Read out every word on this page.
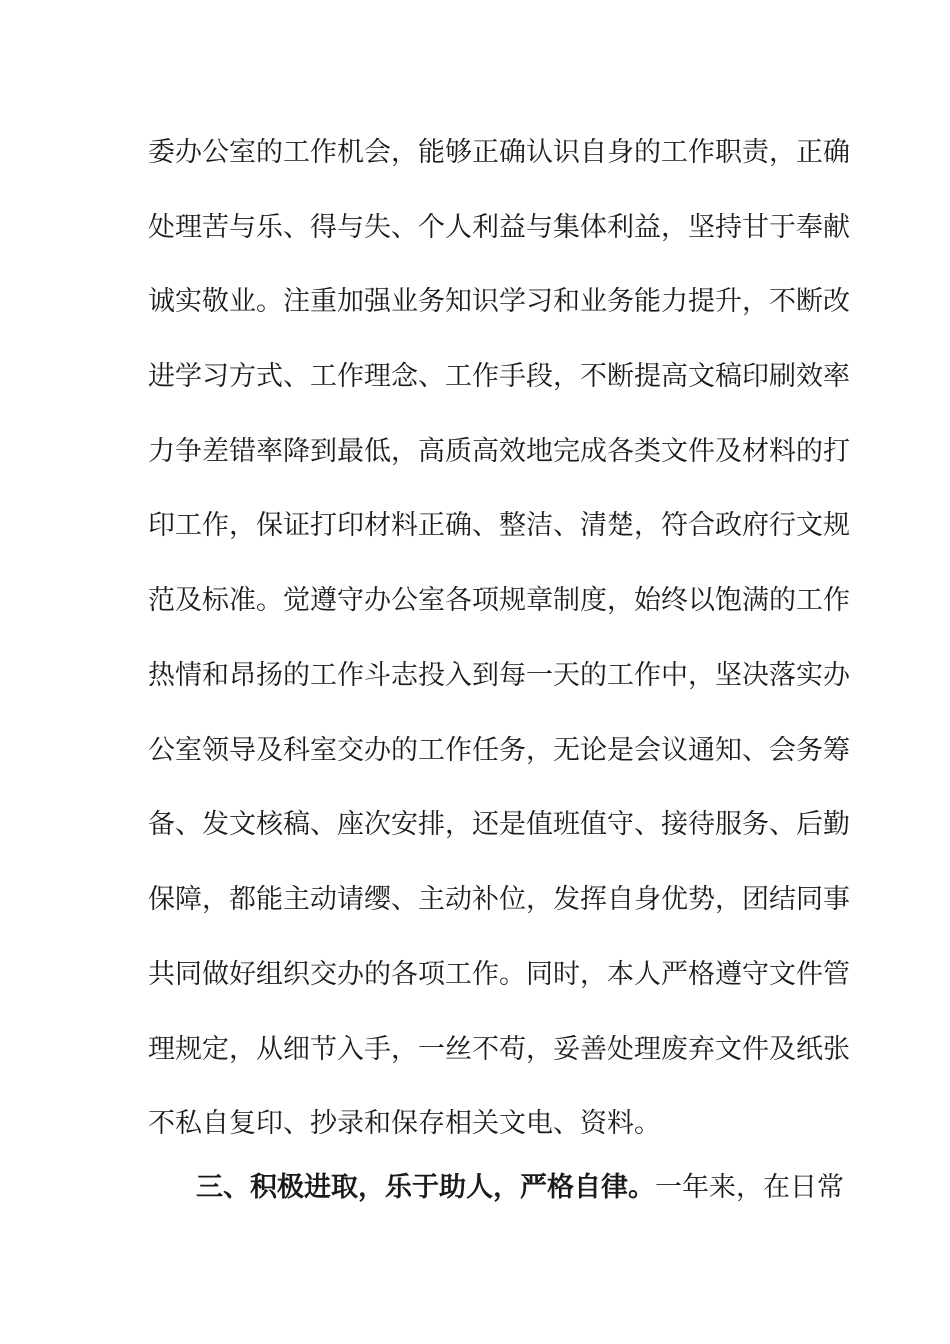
委办公室的工作机会，能够正确认识自身的工作职责，正确
处理苦与乐、得与失、个人利益与集体利益，坚持甘于奉献
诚实敬业。注重加强业务知识学习和业务能力提升，不断改
进学习方式、工作理念、工作手段，不断提高文稿印刷效率
力争差错率降到最低，高质高效地完成各类文件及材料的打
印工作，保证打印材料正确、整洁、清楚，符合政府行文规
范及标准。觉遵守办公室各项规章制度，始终以饱满的工作
热情和昂扬的工作斗志投入到每一天的工作中，坚决落实办
公室领导及科室交办的工作任务，无论是会议通知、会务筹
备、发文核稿、座次安排，还是值班值守、接待服务、后勤
保障，都能主动请缨、主动补位，发挥自身优势，团结同事
共同做好组织交办的各项工作。同时，本人严格遵守文件管
理规定，从细节入手，一丝不苟，妥善处理废弃文件及纸张
不私自复印、抄录和保存相关文电、资料。
三、积极进取，乐于助人，严格自律。一年来，在日常
